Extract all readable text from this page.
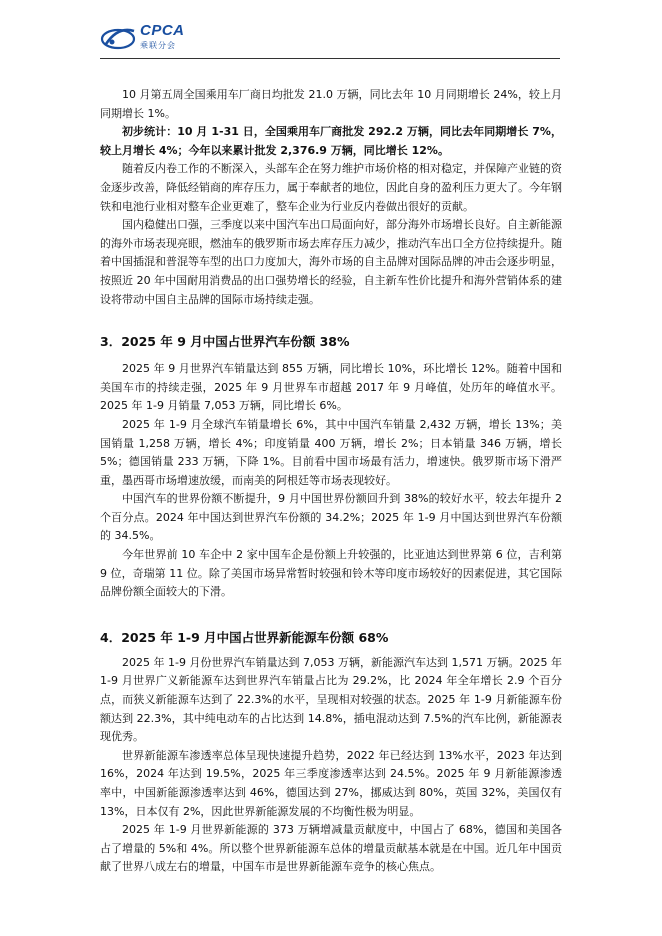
CPCA
乘联分会

10 月第五周全国乘用车厂商日均批发 21.0 万辆，同比去年 10 月同期增长 24%，较上月同期增长 1%。

初步统计：10 月 1-31 日，全国乘用车厂商批发 292.2 万辆，同比去年同期增长 7%，较上月增长 4%；今年以来累计批发 2,376.9 万辆，同比增长 12%。

随着反内卷工作的不断深入，头部车企在努力维护市场价格的相对稳定，并保障产业链的资金逐步改善，降低经销商的库存压力，属于奉献者的地位，因此自身的盈利压力更大了。今年钢铁和电池行业相对整车企业更难了，整车企业为行业反内卷做出很好的贡献。

国内稳健出口强，三季度以来中国汽车出口局面向好，部分海外市场增长良好。自主新能源的海外市场表现亮眼，燃油车的俄罗斯市场去库存压力减少，推动汽车出口全方位持续提升。随着中国插混和普混等车型的出口力度加大，海外市场的自主品牌对国际品牌的冲击会逐步明显，按照近 20 年中国耐用消费品的出口强势增长的经验，自主新车性价比提升和海外营销体系的建设将带动中国自主品牌的国际市场持续走强。

3．2025 年 9 月中国占世界汽车份额 38%

2025 年 9 月世界汽车销量达到 855 万辆，同比增长 10%，环比增长 12%。随着中国和美国车市的持续走强，2025 年 9 月世界车市超越 2017 年 9 月峰值，处历年的峰值水平。2025 年 1-9 月销量 7,053 万辆，同比增长 6%。

2025 年 1-9 月全球汽车销量增长 6%，其中中国汽车销量 2,432 万辆，增长 13%；美国销量 1,258 万辆，增长 4%；印度销量 400 万辆，增长 2%；日本销量 346 万辆，增长 5%；德国销量 233 万辆，下降 1%。目前看中国市场最有活力，增速快。俄罗斯市场下滑严重，墨西哥市场增速放缓，而南美的阿根廷等市场表现较好。

中国汽车的世界份额不断提升，9 月中国世界份额回升到 38%的较好水平，较去年提升 2 个百分点。2024 年中国达到世界汽车份额的 34.2%；2025 年 1-9 月中国达到世界汽车份额的 34.5%。

今年世界前 10 车企中 2 家中国车企是份额上升较强的，比亚迪达到世界第 6 位，吉利第 9 位，奇瑞第 11 位。除了美国市场异常暂时较强和铃木等印度市场较好的因素促进，其它国际品牌份额全面较大的下滑。

4．2025 年 1-9 月中国占世界新能源车份额 68%

2025 年 1-9 月份世界汽车销量达到 7,053 万辆，新能源汽车达到 1,571 万辆。2025 年 1-9 月世界广义新能源车达到世界汽车销量占比为 29.2%，比 2024 年全年增长 2.9 个百分点，而狭义新能源车达到了 22.3%的水平，呈现相对较强的状态。2025 年 1-9 月新能源车份额达到 22.3%，其中纯电动车的占比达到 14.8%，插电混动达到 7.5%的汽车比例，新能源表现优秀。

世界新能源车渗透率总体呈现快速提升趋势，2022 年已经达到 13%水平，2023 年达到 16%，2024 年达到 19.5%，2025 年三季度渗透率达到 24.5%。2025 年 9 月新能源渗透率中，中国新能源渗透率达到 46%，德国达到 27%，挪威达到 80%，英国 32%，美国仅有 13%，日本仅有 2%，因此世界新能源发展的不均衡性极为明显。

2025 年 1-9 月世界新能源的 373 万辆增减量贡献度中，中国占了 68%，德国和美国各占了增量的 5%和 4%。所以整个世界新能源车总体的增量贡献基本就是在中国。近几年中国贡献了世界八成左右的增量，中国车市是世界新能源车竞争的核心焦点。
